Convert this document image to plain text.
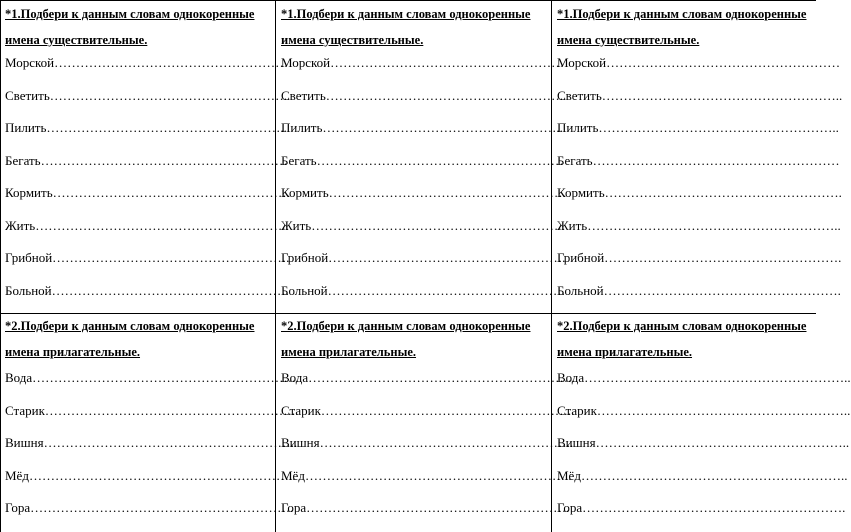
*1.Подбери к данным словам однокоренные

имена существительные.

Морской………………………………………………
Светить………………………………………………..
Пилить………………………………………………..
Бегать…………………………………………………
Кормить……………………………………………….
Жить…………………………………………………..
Грибной……………………………………………….
Больной……………………………………………….

*1.Подбери к данным словам однокоренные

имена существительные.

Морской………………………………………………
Светить………………………………………………..
Пилить………………………………………………..
Бегать…………………………………………………
Кормить……………………………………………….
Жить…………………………………………………..
Грибной……………………………………………….
Больной……………………………………………….

*1.Подбери к данным словам однокоренные

имена существительные.

Морской………………………………………………
Светить………………………………………………..
Пилить………………………………………………..
Бегать…………………………………………………
Кормить……………………………………………….
Жить…………………………………………………..
Грибной……………………………………………….
Больной……………………………………………….

*2.Подбери к данным словам однокоренные

имена прилагательные.

Вода……………………………………………………..
Старик…………………………………………………..
Вишня…………………………………………………..
Мёд……………………………………………………..
Гора…………………………………………………….

*2.Подбери к данным словам однокоренные

имена прилагательные.

Вода……………………………………………………..
Старик…………………………………………………..
Вишня…………………………………………………..
Мёд……………………………………………………..
Гора…………………………………………………….

*2.Подбери к данным словам однокоренные

имена прилагательные.

Вода……………………………………………………..
Старик…………………………………………………..
Вишня…………………………………………………..
Мёд……………………………………………………..
Гора…………………………………………………….
